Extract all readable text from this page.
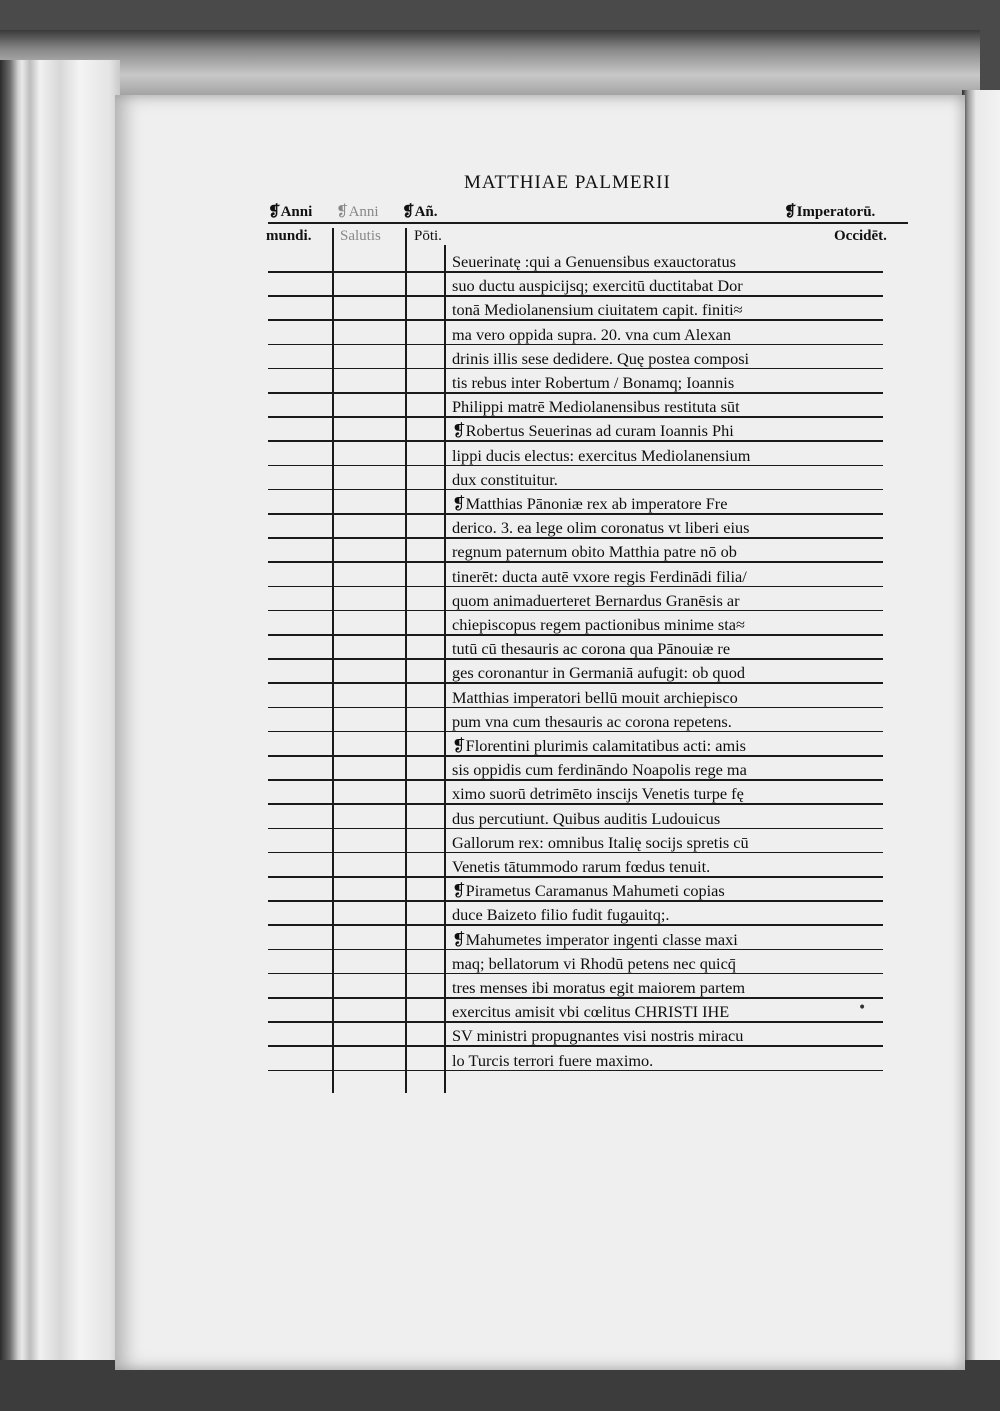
MATTHIAE PALMERII
❡Anni
mundi.
❡Anni
Salutis
❡Añ.
Pōti.
❡Imperatorū.
Occidēt.
Seuerinatę :qui a Genuensibus exauctoratus
suo ductu auspicijsq; exercitū ductitabat Dor
tonā Mediolanensium ciuitatem capit. finiti≈
ma vero oppida supra. 20. vna cum Alexan
drinis illis sese dedidere. Quę postea composi
tis rebus inter Robertum / Bonamq; Ioannis
Philippi matrē Mediolanensibus restituta sūt
❡Robertus Seuerinas ad curam Ioannis Phi
lippi ducis electus: exercitus Mediolanensium
dux constituitur.
❡Matthias Pānoniæ rex ab imperatore Fre
derico. 3. ea lege olim coronatus vt liberi eius
regnum paternum obito Matthia patre nō ob
tinerēt: ducta autē vxore regis Ferdinādi filia/
quom animaduerteret Bernardus Granēsis ar
chiepiscopus regem pactionibus minime sta≈
tutū cū thesauris ac corona qua Pānouiæ re
ges coronantur in Germaniā aufugit: ob quod
Matthias imperatori bellū mouit archiepisco
pum vna cum thesauris ac corona repetens.
❡Florentini plurimis calamitatibus acti: amis
sis oppidis cum ferdināndo Noapolis rege ma
ximo suorū detrimēto inscijs Venetis turpe fę
dus percutiunt. Quibus auditis Ludouicus
Gallorum rex: omnibus Italię socijs spretis cū
Venetis tātummodo rarum fœdus tenuit.
❡Pirametus Caramanus Mahumeti copias
duce Baizeto filio fudit fugauitq;.
❡Mahumetes imperator ingenti classe maxi
maq; bellatorum vi Rhodū petens nec quicq̄
tres menses ibi moratus egit maiorem partem
exercitus amisit vbi cœlitus CHRISTI IHE
SV ministri propugnantes visi nostris miracu
lo Turcis terrori fuere maximo.
•
